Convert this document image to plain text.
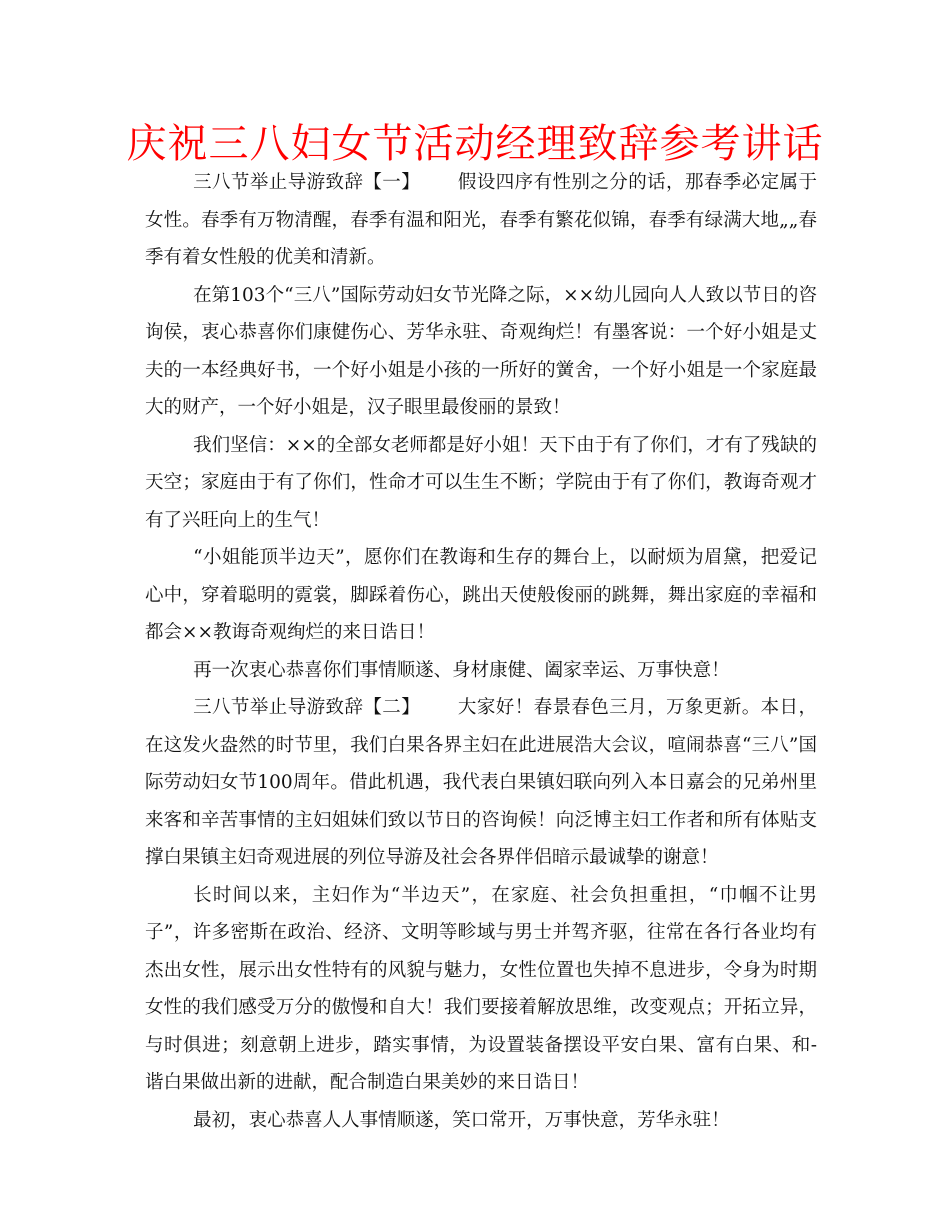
庆祝三八妇女节活动经理致辞参考讲话

三八节举止导游致辞【一】 假设四序有性别之分的话，那春季必定属于女性。春季有万物清醒，春季有温和阳光，春季有繁花似锦，春季有绿满大地„„春季有着女性般的优美和清新。

在第103个“三八”国际劳动妇女节光降之际，××幼儿园向人人致以节日的咨询侯，衷心恭喜你们康健伤心、芳华永驻、奇观绚烂！有墨客说：一个好小姐是丈夫的一本经典好书，一个好小姐是小孩的一所好的黉舍，一个好小姐是一个家庭最大的财产，一个好小姐是，汉子眼里最俊丽的景致！

我们坚信：××的全部女老师都是好小姐！天下由于有了你们，才有了残缺的天空；家庭由于有了你们，性命才可以生生不断；学院由于有了你们，教诲奇观才有了兴旺向上的生气！

“小姐能顶半边天”，愿你们在教诲和生存的舞台上，以耐烦为眉黛，把爱记心中，穿着聪明的霓裳，脚踩着伤心，跳出天使般俊丽的跳舞，舞出家庭的幸福和都会××教诲奇观绚烂的来日诰日！

再一次衷心恭喜你们事情顺遂、身材康健、阖家幸运、万事快意！

三八节举止导游致辞【二】 大家好！春景春色三月，万象更新。本日，在这发火盎然的时节里，我们白果各界主妇在此进展浩大会议，喧闹恭喜“三八”国际劳动妇女节100周年。借此机遇，我代表白果镇妇联向列入本日嘉会的兄弟州里来客和辛苦事情的主妇姐妹们致以节日的咨询候！向泛博主妇工作者和所有体贴支撑白果镇主妇奇观进展的列位导游及社会各界伴侣暗示最诚挚的谢意！

长时间以来，主妇作为“半边天”，在家庭、社会负担重担，“巾帼不让男子”，许多密斯在政治、经济、文明等畛域与男士并驾齐驱，往常在各行各业均有杰出女性，展示出女性特有的风貌与魅力，女性位置也失掉不息进步，令身为时期女性的我们感受万分的傲慢和自大！我们要接着解放思维，改变观点；开拓立异，与时俱进；刻意朝上进步，踏实事情，为设置装备摆设平安白果、富有白果、和-谐白果做出新的进献，配合制造白果美妙的来日诰日！

最初，衷心恭喜人人事情顺遂，笑口常开，万事快意，芳华永驻！
